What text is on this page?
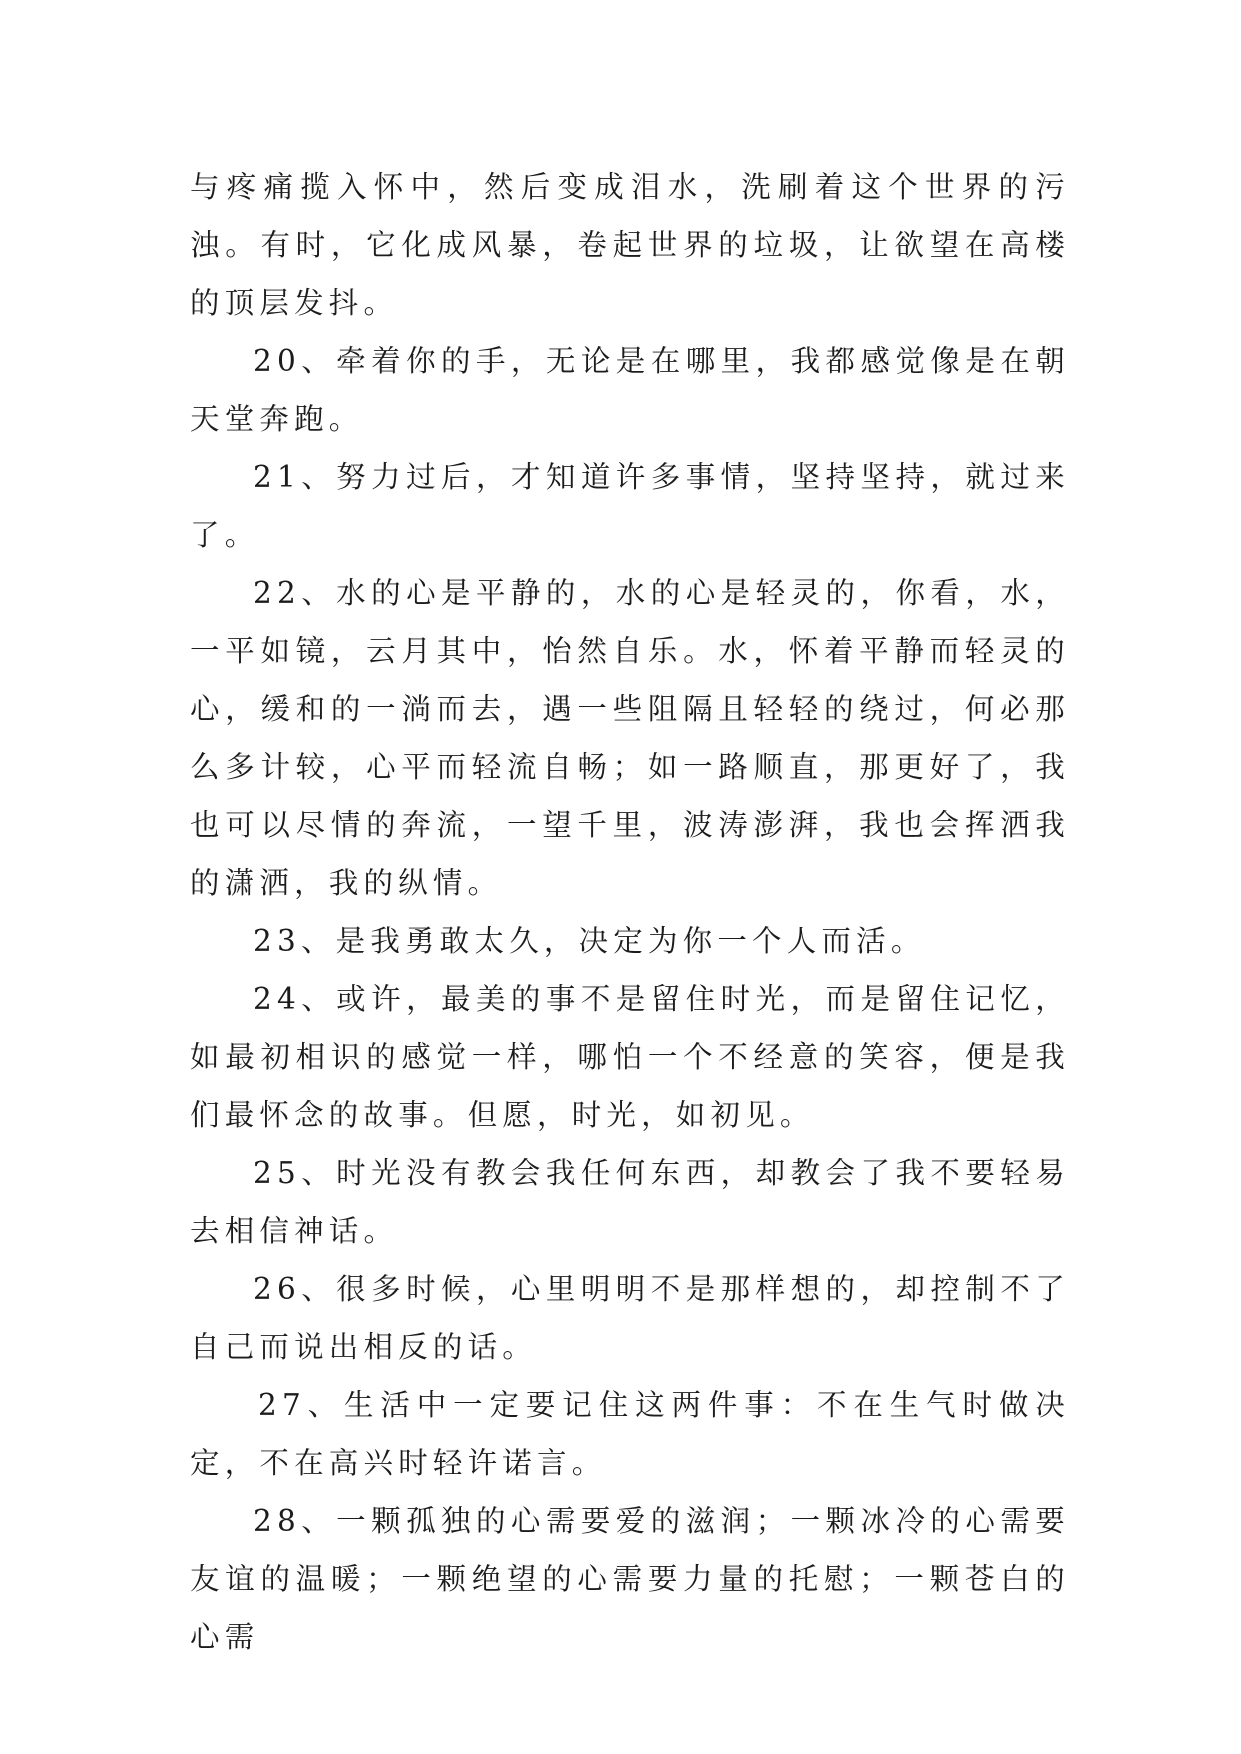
与疼痛揽入怀中，然后变成泪水，洗刷着这个世界的污浊。有时，它化成风暴，卷起世界的垃圾，让欲望在高楼的顶层发抖。

20、牵着你的手，无论是在哪里，我都感觉像是在朝天堂奔跑。

21、努力过后，才知道许多事情，坚持坚持，就过来了。

22、水的心是平静的，水的心是轻灵的，你看，水，一平如镜，云月其中，怡然自乐。水，怀着平静而轻灵的心，缓和的一淌而去，遇一些阻隔且轻轻的绕过，何必那么多计较，心平而轻流自畅；如一路顺直，那更好了，我也可以尽情的奔流，一望千里，波涛澎湃，我也会挥洒我的潇洒，我的纵情。

23、是我勇敢太久，决定为你一个人而活。

24、或许，最美的事不是留住时光，而是留住记忆，如最初相识的感觉一样，哪怕一个不经意的笑容，便是我们最怀念的故事。但愿，时光，如初见。

25、时光没有教会我任何东西，却教会了我不要轻易去相信神话。

26、很多时候，心里明明不是那样想的，却控制不了自己而说出相反的话。

27、生活中一定要记住这两件事：不在生气时做决定，不在高兴时轻许诺言。

28、一颗孤独的心需要爱的滋润；一颗冰冷的心需要友谊的温暖；一颗绝望的心需要力量的托慰；一颗苍白的心需
